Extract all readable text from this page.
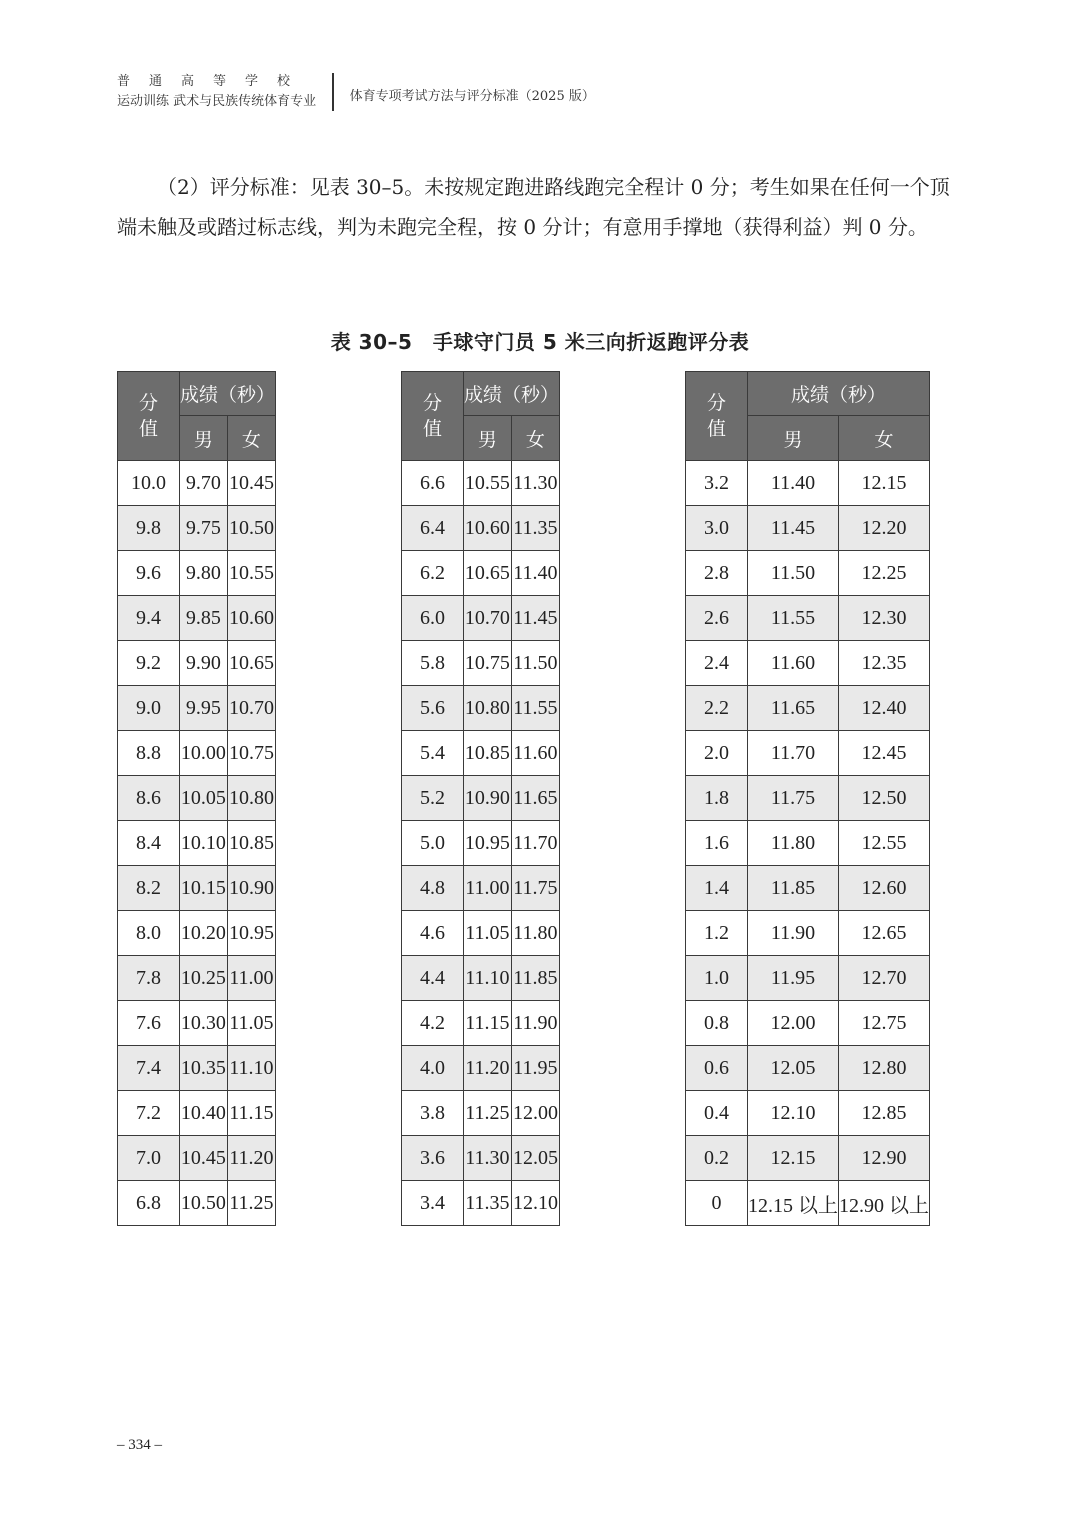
普通高等学校
运动训练 武术与民族传统体育专业	体育专项考试方法与评分标准（2025 版）

（2）评分标准：见表 30–5。未按规定跑进路线跑完全程计 0 分；考生如果在任何一个顶端未触及或踏过标志线，判为未跑完全程，按 0 分计；有意用手撑地（获得利益）判 0 分。

表 30–5　手球守门员 5 米三向折返跑评分表
分值	成绩（秒）	
	男	女
10.0	9.70	10.45
9.8	9.75	10.50
9.6	9.80	10.55
9.4	9.85	10.60
9.2	9.90	10.65
9.0	9.95	10.70
8.8	10.00	10.75
8.6	10.05	10.80
8.4	10.10	10.85
8.2	10.15	10.90
8.0	10.20	10.95
7.8	10.25	11.00
7.6	10.30	11.05
7.4	10.35	11.10
7.2	10.40	11.15
7.0	10.45	11.20
6.8	10.50	11.25
分值	成绩（秒）	
	男	女
6.6	10.55	11.30
6.4	10.60	11.35
6.2	10.65	11.40
6.0	10.70	11.45
5.8	10.75	11.50
5.6	10.80	11.55
5.4	10.85	11.60
5.2	10.90	11.65
5.0	10.95	11.70
4.8	11.00	11.75
4.6	11.05	11.80
4.4	11.10	11.85
4.2	11.15	11.90
4.0	11.20	11.95
3.8	11.25	12.00
3.6	11.30	12.05
3.4	11.35	12.10
分值	成绩（秒）	
	男	女
3.2	11.40	12.15
3.0	11.45	12.20
2.8	11.50	12.25
2.6	11.55	12.30
2.4	11.60	12.35
2.2	11.65	12.40
2.0	11.70	12.45
1.8	11.75	12.50
1.6	11.80	12.55
1.4	11.85	12.60
1.2	11.90	12.65
1.0	11.95	12.70
0.8	12.00	12.75
0.6	12.05	12.80
0.4	12.10	12.85
0.2	12.15	12.90
0	12.15 以上	12.90 以上
– 334 –
